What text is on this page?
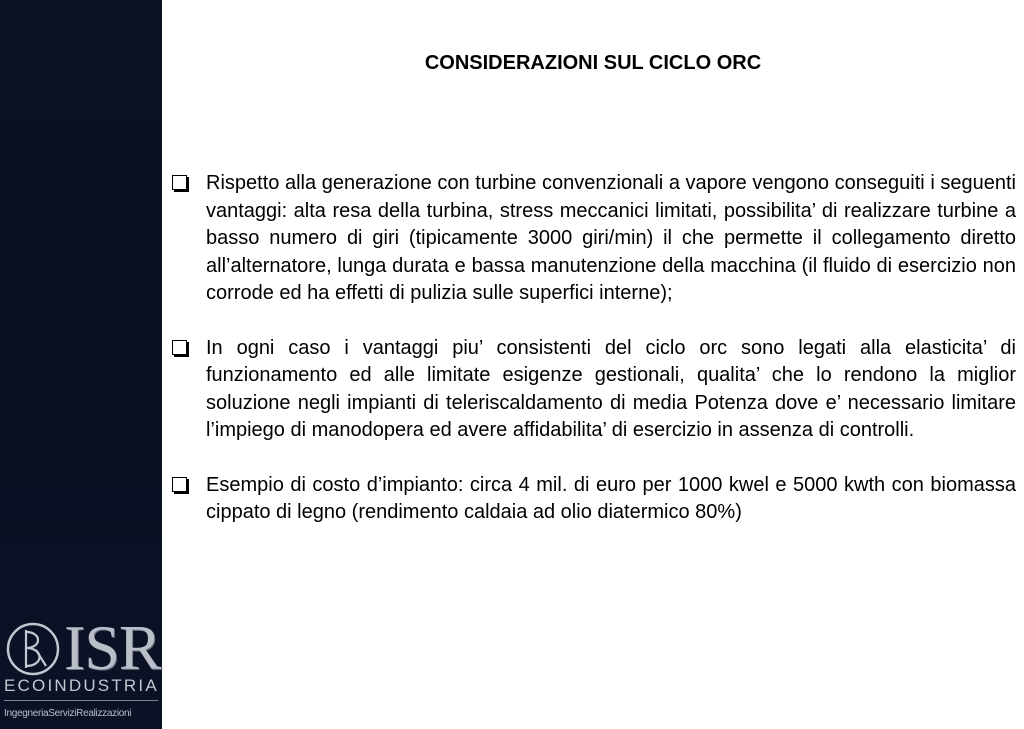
ISR
ECOINDUSTRIA
IngegneriaServiziRealizzazioni
CONSIDERAZIONI SUL CICLO ORC
Rispetto alla generazione con turbine convenzionali a vapore vengono conseguiti i seguenti vantaggi: alta resa della turbina, stress meccanici limitati, possibilita’ di realizzare turbine a basso numero di giri (tipicamente 3000 giri/min) il che permette il collegamento diretto all’alternatore, lunga durata e bassa manutenzione della macchina (il fluido di esercizio non corrode ed ha effetti di pulizia sulle superfici interne);
In ogni caso i vantaggi piu’ consistenti del ciclo orc sono legati alla elasticita’ di funzionamento ed alle limitate esigenze gestionali, qualita’ che lo rendono la miglior soluzione negli impianti di teleriscaldamento di media Potenza dove e’ necessario limitare l’impiego di manodopera ed avere affidabilita’ di esercizio in assenza di controlli.
Esempio di costo d’impianto: circa 4 mil. di euro per 1000 kwel e 5000 kwth con biomassa cippato di legno (rendimento caldaia ad olio diatermico 80%)
